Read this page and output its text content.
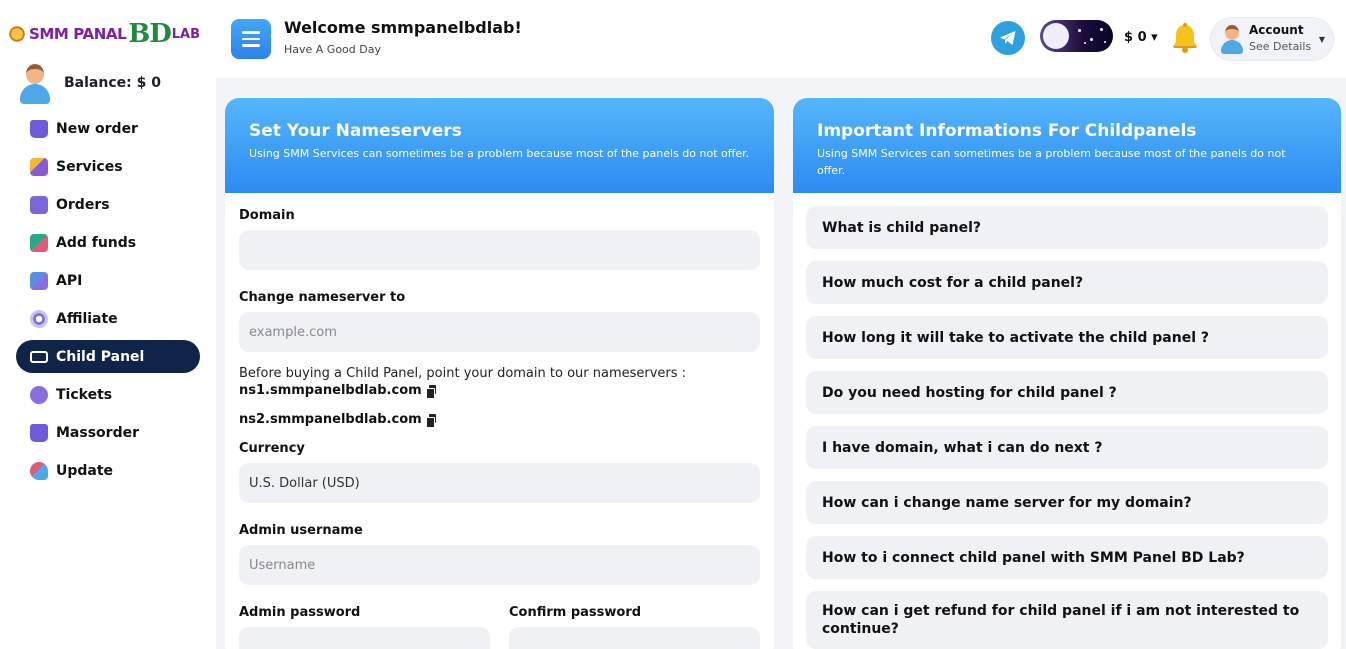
SMM PANAL BD LAB
Balance: $ 0
New order
Services
Orders
Add funds
API
Affiliate
Child Panel
Tickets
Massorder
Update
Welcome smmpanelbdlab!
Have A Good Day
$ 0 ▾	Account
See Details
▼
Set Your Nameservers
Using SMM Services can sometimes be a problem because most of the panels do not offer.
Domain
Change nameserver to
example.com
Before buying a Child Panel, point your domain to our nameservers :
ns1.smmpanelbdlab.com
ns2.smmpanelbdlab.com
Currency
U.S. Dollar (USD)
Admin username
Username
Admin password	Confirm password
Important Informations For Childpanels
Using SMM Services can sometimes be a problem because most of the panels do not offer.
What is child panel?
How much cost for a child panel?
How long it will take to activate the child panel ?
Do you need hosting for child panel ?
I have domain, what i can do next ?
How can i change name server for my domain?
How to i connect child panel with SMM Panel BD Lab?
How can i get refund for child panel if i am not interested to continue?
